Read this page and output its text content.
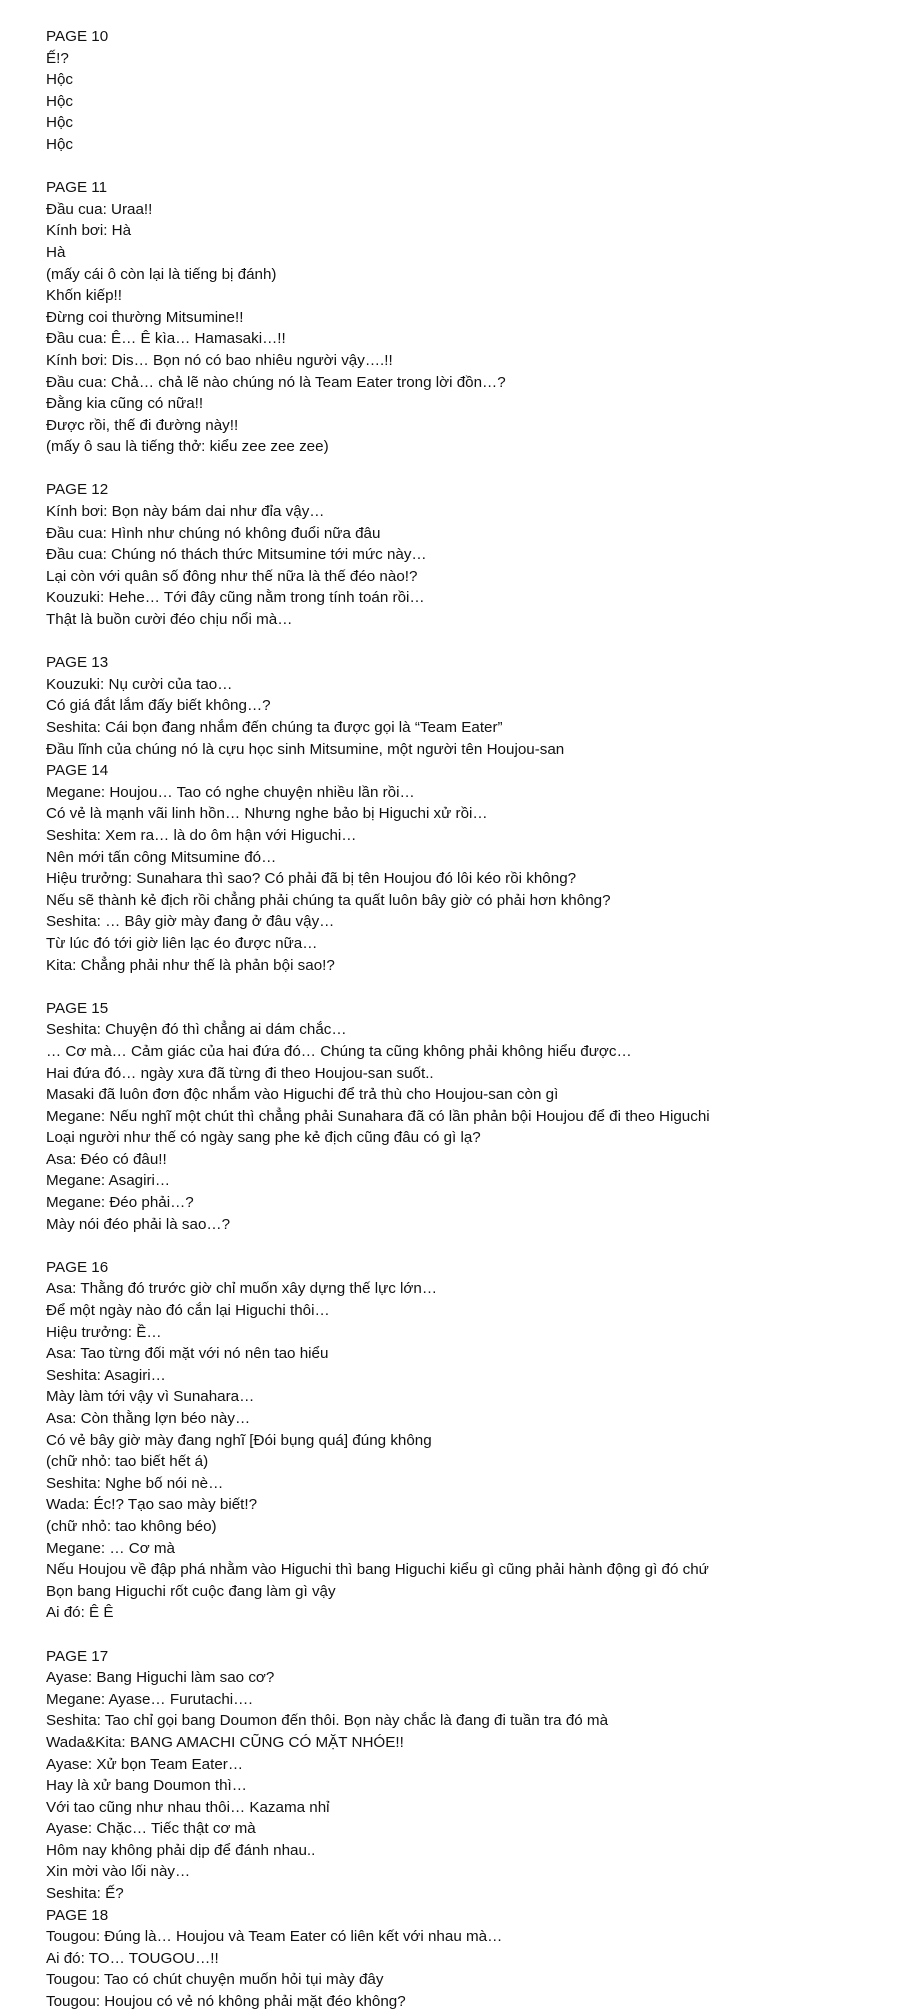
PAGE 10
Ế!?
Hộc
Hộc
Hộc
Hộc
PAGE 11
Đầu cua: Uraa!!
Kính bơi: Hà
Hà
(mấy cái ô còn lại là tiếng bị đánh)
Khốn kiếp!!
Đừng coi thường Mitsumine!!
Đầu cua: Ê… Ê kìa… Hamasaki…!!
Kính bơi: Dis… Bọn nó có bao nhiêu người vậy….!!
Đầu cua: Chả… chả lẽ nào chúng nó là Team Eater trong lời đồn…?
Đằng kia cũng có nữa!!
Được rồi, thế đi đường này!!
(mấy ô sau là tiếng thở: kiểu zee zee zee)
PAGE 12
Kính bơi: Bọn này bám dai như đỉa vậy…
Đầu cua: Hình như chúng nó không đuổi nữa đâu
Đầu cua: Chúng nó thách thức Mitsumine tới mức này…
Lại còn với quân số đông như thế nữa là thế đéo nào!?
Kouzuki: Hehe… Tới đây cũng nằm trong tính toán rồi…
Thật là buồn cười đéo chịu nổi mà…
PAGE 13
Kouzuki: Nụ cười của tao…
Có giá đắt lắm đấy biết không…?
Seshita: Cái bọn đang nhắm đến chúng ta được gọi là “Team Eater”
Đầu lĩnh của chúng nó là cựu học sinh Mitsumine, một người tên Houjou-san
PAGE 14
Megane: Houjou… Tao có nghe chuyện nhiều lần rồi…
Có vẻ là mạnh vãi linh hồn… Nhưng nghe bảo bị Higuchi xử rồi…
Seshita: Xem ra… là do ôm hận với Higuchi…
Nên mới tấn công Mitsumine đó…
Hiệu trưởng: Sunahara thì sao? Có phải đã bị tên Houjou đó lôi kéo rồi không?
Nếu sẽ thành kẻ địch rồi chẳng phải chúng ta quất luôn bây giờ có phải hơn không?
Seshita: … Bây giờ mày đang ở đâu vậy…
Từ lúc đó tới giờ liên lạc éo được nữa…
Kita: Chẳng phải như thế là phản bội sao!?
PAGE 15
Seshita: Chuyện đó thì chẳng ai dám chắc…
… Cơ mà… Cảm giác của hai đứa đó… Chúng ta cũng không phải không hiểu được…
Hai đứa đó… ngày xưa đã từng đi theo Houjou-san suốt..
Masaki đã luôn đơn độc nhắm vào Higuchi để trả thù cho Houjou-san còn gì
Megane: Nếu nghĩ một chút thì chẳng phải Sunahara đã có lần phản bội Houjou để đi theo Higuchi
Loại người như thế có ngày sang phe kẻ địch cũng đâu có gì lạ?
Asa: Đéo có đâu!!
Megane: Asagiri…
Megane: Đéo phải…?
Mày nói đéo phải là sao…?
PAGE 16
Asa: Thằng đó trước giờ chỉ muốn xây dựng thế lực lớn…
Để một ngày nào đó cắn lại Higuchi thôi…
Hiệu trưởng: Ề…
Asa: Tao từng đối mặt với nó nên tao hiểu
Seshita: Asagiri…
Mày làm tới vậy vì Sunahara…
Asa: Còn thằng lợn béo này…
Có vẻ bây giờ mày đang nghĩ [Đói bụng quá] đúng không
(chữ nhỏ: tao biết hết á)
Seshita: Nghe bố nói nè…
Wada: Éc!? Tạo sao mày biết!?
(chữ nhỏ: tao không béo)
Megane: … Cơ mà
Nếu Houjou về đập phá nhằm vào Higuchi thì bang Higuchi kiểu gì cũng phải hành động gì đó chứ
Bọn bang Higuchi rốt cuộc đang làm gì vậy
Ai đó: Ê Ê
PAGE 17
Ayase: Bang Higuchi làm sao cơ?
Megane: Ayase… Furutachi….
Seshita: Tao chỉ gọi bang Doumon đến thôi. Bọn này chắc là đang đi tuần tra đó mà
Wada&Kita: BANG AMACHI CŨNG CÓ MẶT NHÓE!!
Ayase: Xử bọn Team Eater…
Hay là xử bang Doumon thì…
Với tao cũng như nhau thôi… Kazama nhỉ
Ayase: Chặc… Tiếc thật cơ mà
Hôm nay không phải dịp để đánh nhau..
Xin mời vào lối này…
Seshita: Ế?
PAGE 18
Tougou: Đúng là… Houjou và Team Eater có liên kết với nhau mà…
Ai đó: TO… TOUGOU…!!
Tougou: Tao có chút chuyện muốn hỏi tụi mày đây
Tougou: Houjou có vẻ nó không phải mặt đéo không?
